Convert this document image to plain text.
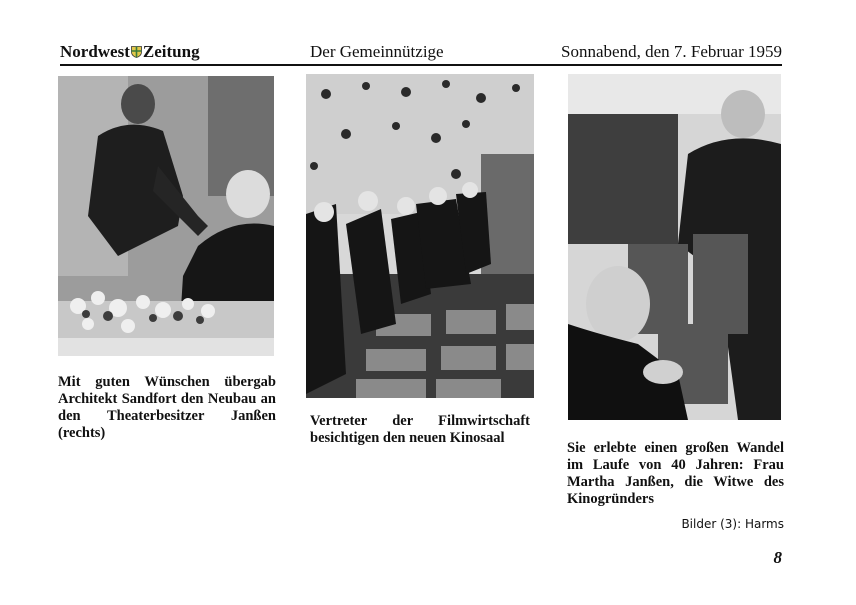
Nordwest Zeitung	Der Gemeinnützige	Sonnabend, den 7. Februar 1959

Mit guten Wünschen übergab Architekt Sandfort den Neubau an den Theaterbesitzer Janßen (rechts)

Vertreter der Filmwirtschaft besichtigen den neuen Kinosaal

Sie erlebte einen großen Wandel im Laufe von 40 Jahren: Frau Martha Janßen, die Witwe des Kinogründers

Bilder (3): Harms
8
